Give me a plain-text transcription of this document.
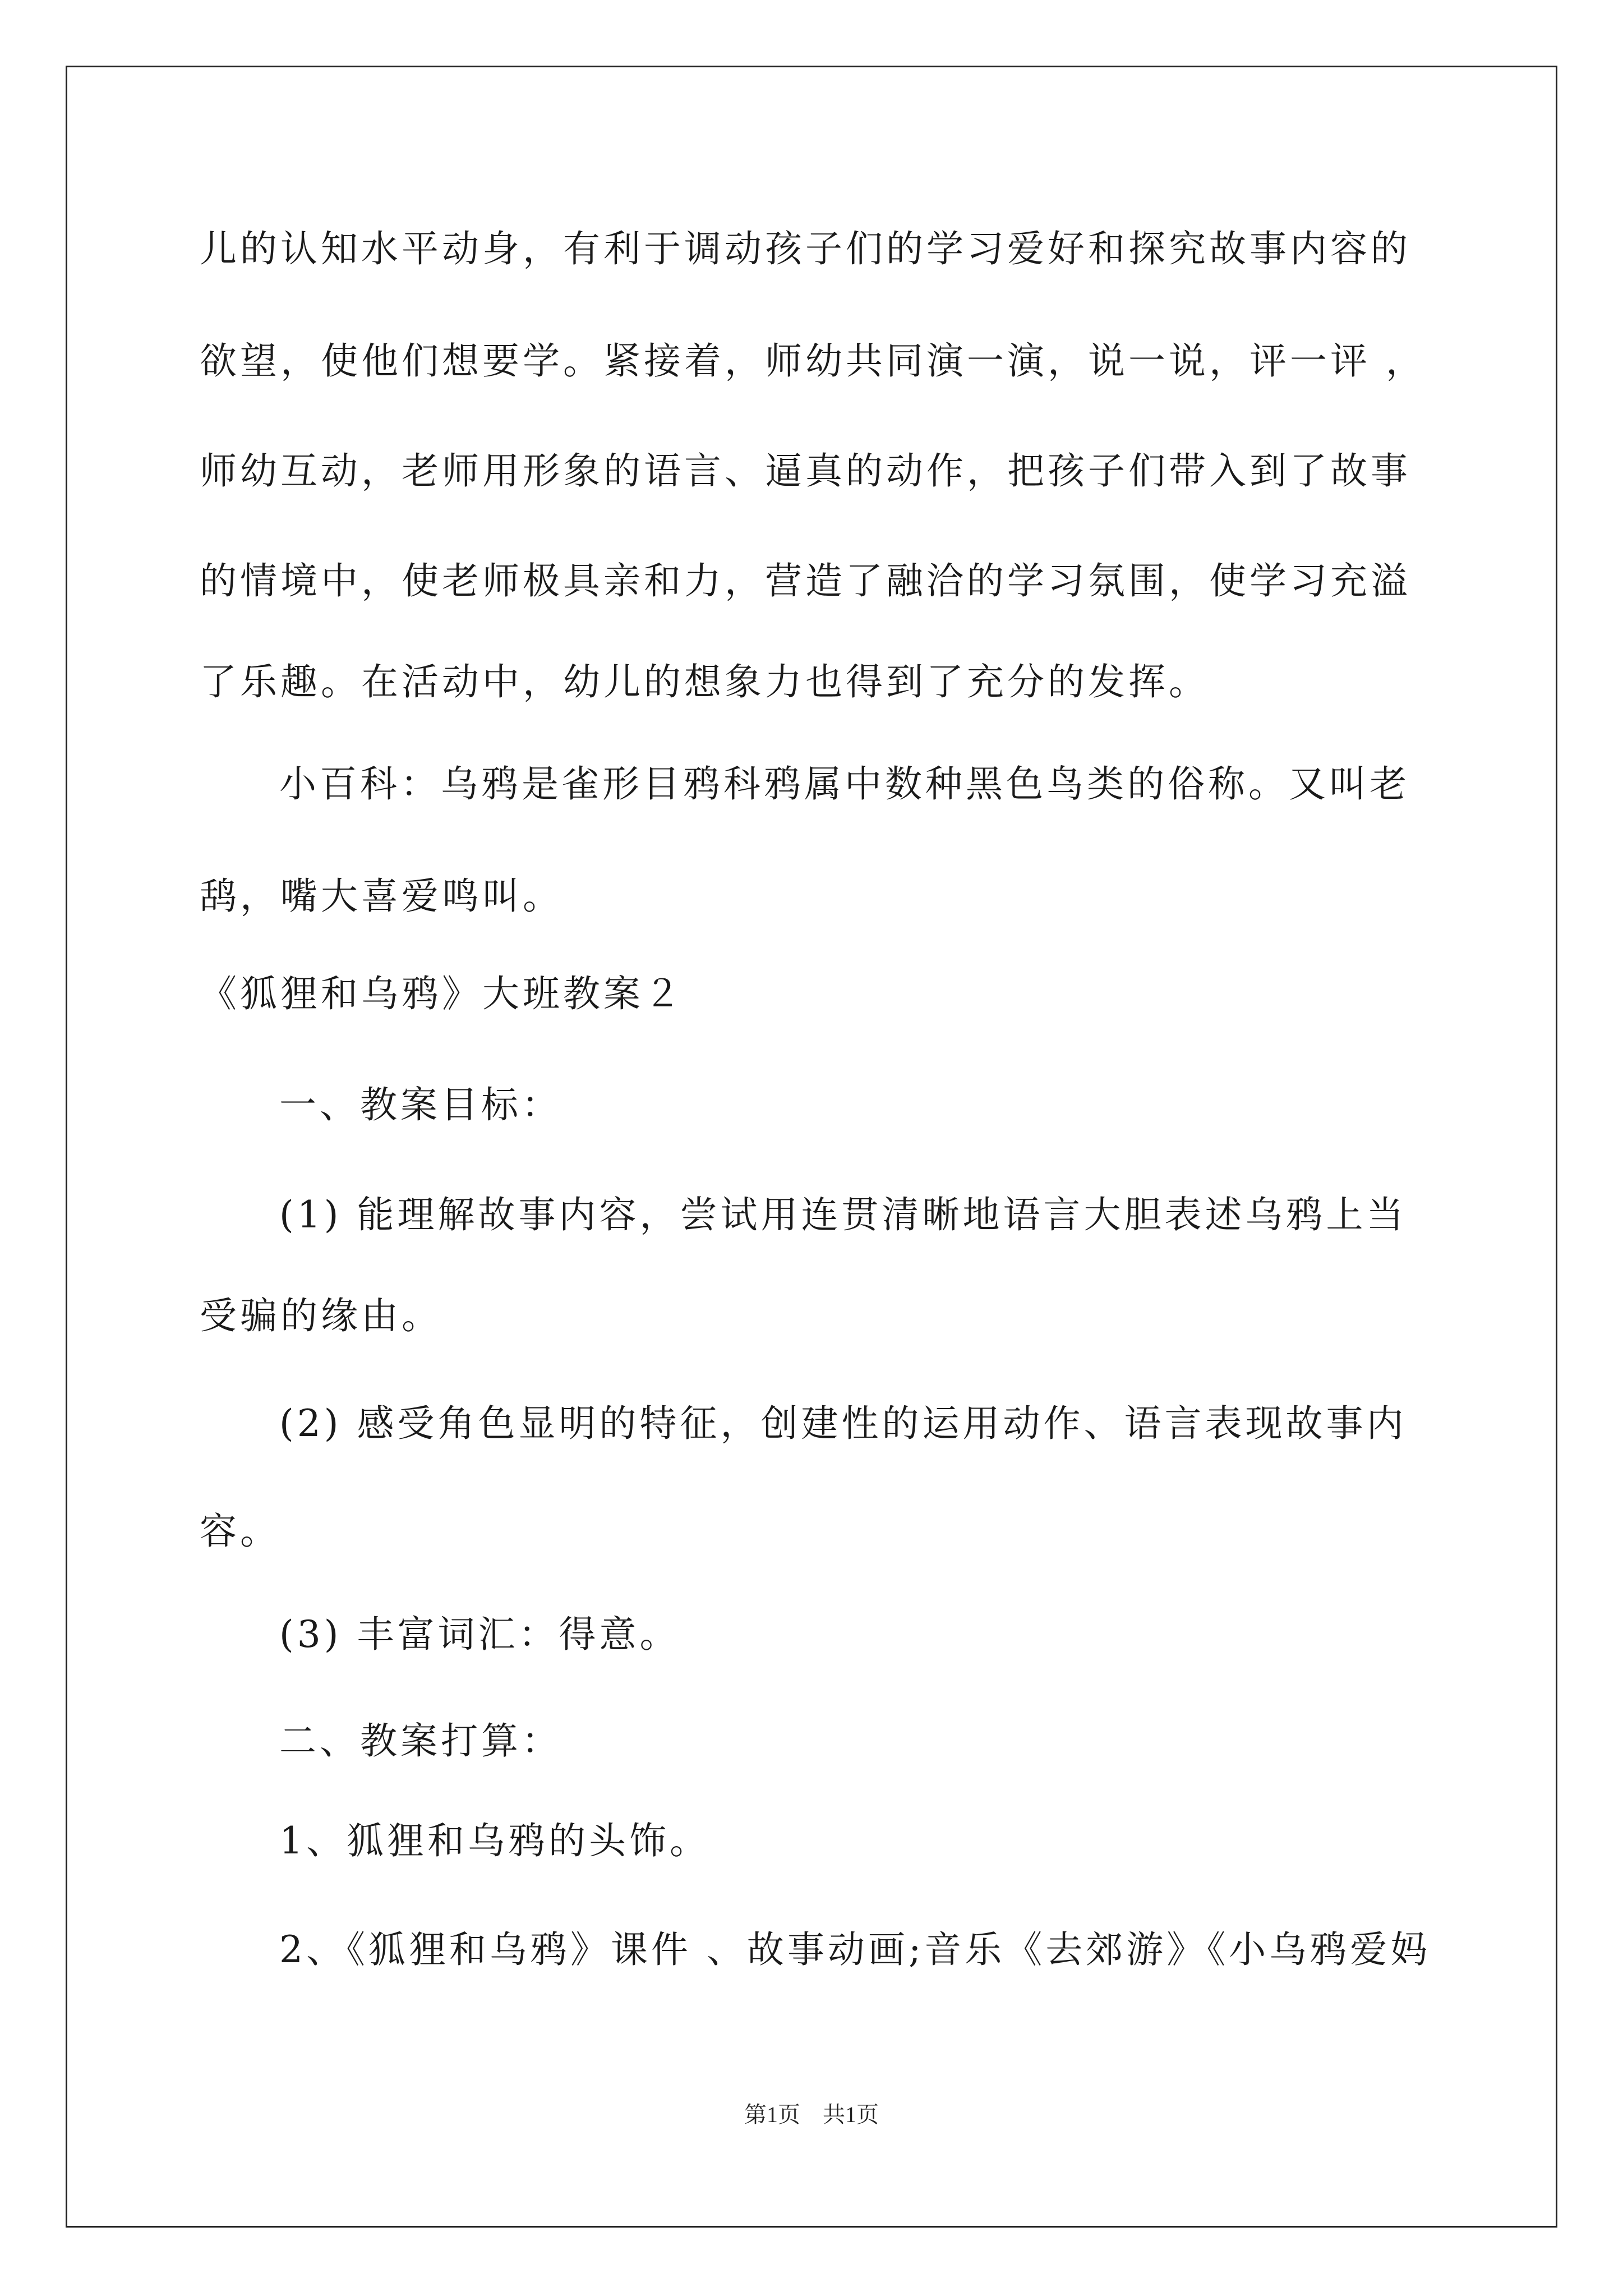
儿的认知水平动身，有利于调动孩子们的学习爱好和探究故事内容的
欲望，使他们想要学。紧接着，师幼共同演一演，说一说，评一评 ，
师幼互动，老师用形象的语言、逼真的动作，把孩子们带入到了故事
的情境中，使老师极具亲和力，营造了融洽的学习氛围，使学习充溢
了乐趣。在活动中，幼儿的想象力也得到了充分的发挥。
小百科：乌鸦是雀形目鸦科鸦属中数种黑色鸟类的俗称。又叫老
鸹，嘴大喜爱鸣叫。
《狐狸和乌鸦》大班教案２
一、教案目标：
(1) 能理解故事内容，尝试用连贯清晰地语言大胆表述乌鸦上当
受骗的缘由。
(2) 感受角色显明的特征，创建性的运用动作、语言表现故事内
容。
(3) 丰富词汇：得意。
二、教案打算：
1、狐狸和乌鸦的头饰。
2、《狐狸和乌鸦》课件 、故事动画;音乐《去郊游》《小乌鸦爱妈
第1页　共1页
